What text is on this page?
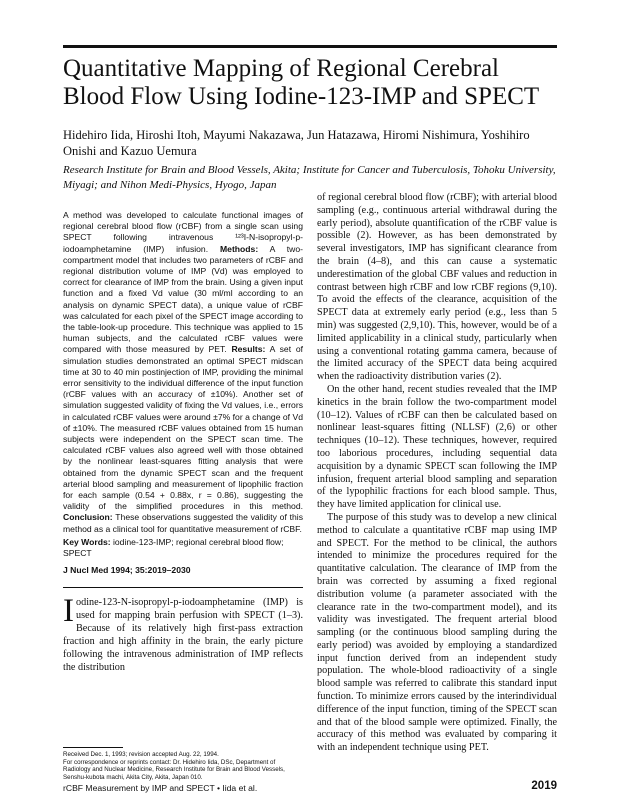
Quantitative Mapping of Regional Cerebral Blood Flow Using Iodine-123-IMP and SPECT

Hidehiro Iida, Hiroshi Itoh, Mayumi Nakazawa, Jun Hatazawa, Hiromi Nishimura, Yoshihiro Onishi and Kazuo Uemura

Research Institute for Brain and Blood Vessels, Akita; Institute for Cancer and Tuberculosis, Tohoku University, Miyagi; and Nihon Medi-Physics, Hyogo, Japan

A method was developed to calculate functional images of regional cerebral blood flow (rCBF) from a single scan using SPECT following intravenous ¹²³I-N-isopropyl-p-iodoamphetamine (IMP) infusion. Methods: A two-compartment model that includes two parameters of rCBF and regional distribution volume of IMP (Vd) was employed to correct for clearance of IMP from the brain. Using a given input function and a fixed Vd value (30 ml/ml according to an analysis on dynamic SPECT data), a unique value of rCBF was calculated for each pixel of the SPECT image according to the table-look-up procedure. This technique was applied to 15 human subjects, and the calculated rCBF values were compared with those measured by PET. Results: A set of simulation studies demonstrated an optimal SPECT midscan time at 30 to 40 min postinjection of IMP, providing the minimal error sensitivity to the individual difference of the input function (rCBF values with an accuracy of ±10%). Another set of simulation suggested validity of fixing the Vd values, i.e., errors in calculated rCBF values were around ±7% for a change of Vd of ±10%. The measured rCBF values obtained from 15 human subjects were independent on the SPECT scan time. The calculated rCBF values also agreed well with those obtained by the nonlinear least-squares fitting analysis that were obtained from the dynamic SPECT scan and the frequent arterial blood sampling and measurement of lipophilic fraction for each sample (0.54 + 0.88x, r = 0.86), suggesting the validity of the simplified procedures in this method. Conclusion: These observations suggested the validity of this method as a clinical tool for quantitative measurement of rCBF.

Key Words: iodine-123-IMP; regional cerebral blood flow; SPECT
J Nucl Med 1994; 35:2019–2030

Iodine-123-N-isopropyl-p-iodoamphetamine (IMP) is used for mapping brain perfusion with SPECT (1–3). Because of its relatively high first-pass extraction fraction and high affinity in the brain, the early picture following the intravenous administration of IMP reflects the distribution

Received Dec. 1, 1993; revision accepted Aug. 22, 1994.

For correspondence or reprints contact: Dr. Hidehiro Iida, DSc, Department of Radiology and Nuclear Medicine, Research Institute for Brain and Blood Vessels, Senshu-kubota machi, Akita City, Akita, Japan 010.

of regional cerebral blood flow (rCBF); with arterial blood sampling (e.g., continuous arterial withdrawal during the early period), absolute quantification of the rCBF value is possible (2). However, as has been demonstrated by several investigators, IMP has significant clearance from the brain (4–8), and this can cause a systematic underestimation of the global CBF values and reduction in contrast between high rCBF and low rCBF regions (9,10). To avoid the effects of the clearance, acquisition of the SPECT data at extremely early period (e.g., less than 5 min) was suggested (2,9,10). This, however, would be of a limited applicability in a clinical study, particularly when using a conventional rotating gamma camera, because of the limited accuracy of the SPECT data being acquired when the radioactivity distribution varies (2).

On the other hand, recent studies revealed that the IMP kinetics in the brain follow the two-compartment model (10–12). Values of rCBF can then be calculated based on nonlinear least-squares fitting (NLLSF) (2,6) or other techniques (10–12). These techniques, however, required too laborious procedures, including sequential data acquisition by a dynamic SPECT scan following the IMP infusion, frequent arterial blood sampling and separation of the lypophilic fractions for each blood sample. Thus, they have limited application for clinical use.

The purpose of this study was to develop a new clinical method to calculate a quantitative rCBF map using IMP and SPECT. For the method to be clinical, the authors intended to minimize the procedures required for the quantitative calculation. The clearance of IMP from the brain was corrected by assuming a fixed regional distribution volume (a parameter associated with the clearance rate in the two-compartment model), and its validity was investigated. The frequent arterial blood sampling (or the continuous blood sampling during the early period) was avoided by employing a standardized input function derived from an independent study population. The whole-blood radioactivity of a single blood sample was referred to calibrate this standard input function. To minimize errors caused by the interindividual difference of the input function, timing of the SPECT scan and that of the blood sample were optimized. Finally, the accuracy of this method was evaluated by comparing it with an independent technique using PET.

rCBF Measurement by IMP and SPECT • Iida et al.	2019
